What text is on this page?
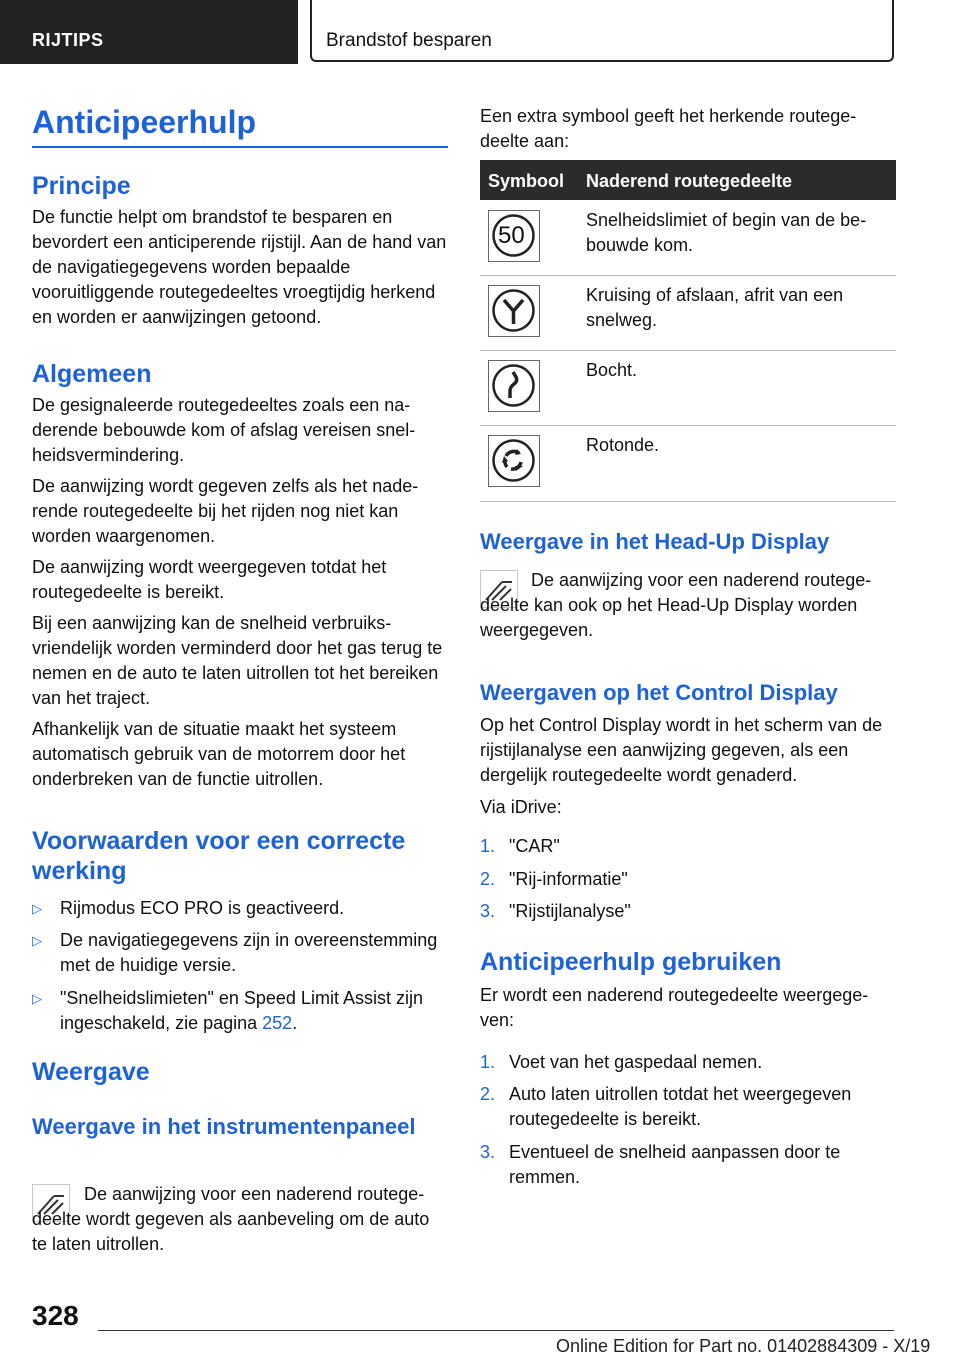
RIJTIPS	Brandstof besparen
Anticipeerhulp
Principe

De functie helpt om brandstof te besparen en bevordert een anticiperende rijstijl. Aan de hand van de navigatiegegevens worden bepaalde vooruitliggende routegedeeltes vroegtijdig herkend en worden er aanwijzingen getoond.

Algemeen

De gesignaleerde routegedeeltes zoals een naderende bebouwde kom of afslag vereisen snelheidsvermindering.

De aanwijzing wordt gegeven zelfs als het naderende routegedeelte bij het rijden nog niet kan worden waargenomen.

De aanwijzing wordt weergegeven totdat het routegedeelte is bereikt.

Bij een aanwijzing kan de snelheid verbruiksvriendelijk worden verminderd door het gas terug te nemen en de auto te laten uitrollen tot het bereiken van het traject.

Afhankelijk van de situatie maakt het systeem automatisch gebruik van de motorrem door het onderbreken van de functie uitrollen.

Voorwaarden voor een correcte werking
▷ Rijmodus ECO PRO is geactiveerd.
▷ De navigatiegegevens zijn in overeenstemming met de huidige versie.
▷ "Snelheidslimieten" en Speed Limit Assist zijn ingeschakeld, zie pagina 252.
Weergave
Weergave in het instrumentenpaneel

De aanwijzing voor een naderend routegedeelte wordt gegeven als aanbeveling om de auto te laten uitrollen.

Een extra symbool geeft het herkende routegedeelte aan:

Symbool Naderend routegedeelte
50
Snelheidslimiet of begin van de bebouwde kom.
Kruising of afslaan, afrit van een snelweg.
Bocht.
Rotonde.
Weergave in het Head-Up Display

De aanwijzing voor een naderend routegedeelte kan ook op het Head-Up Display worden weergegeven.

Weergaven op het Control Display

Op het Control Display wordt in het scherm van de rijstijlanalyse een aanwijzing gegeven, als een dergelijk routegedeelte wordt genaderd.

Via iDrive:

1. "CAR"
2. "Rij-informatie"
3. "Rijstijlanalyse"
Anticipeerhulp gebruiken

Er wordt een naderend routegedeelte weergegeven:

1. Voet van het gaspedaal nemen.
2. Auto laten uitrollen totdat het weergegeven routegedeelte is bereikt.
3. Eventueel de snelheid aanpassen door te remmen.
328
Online Edition for Part no. 01402884309 - X/19
